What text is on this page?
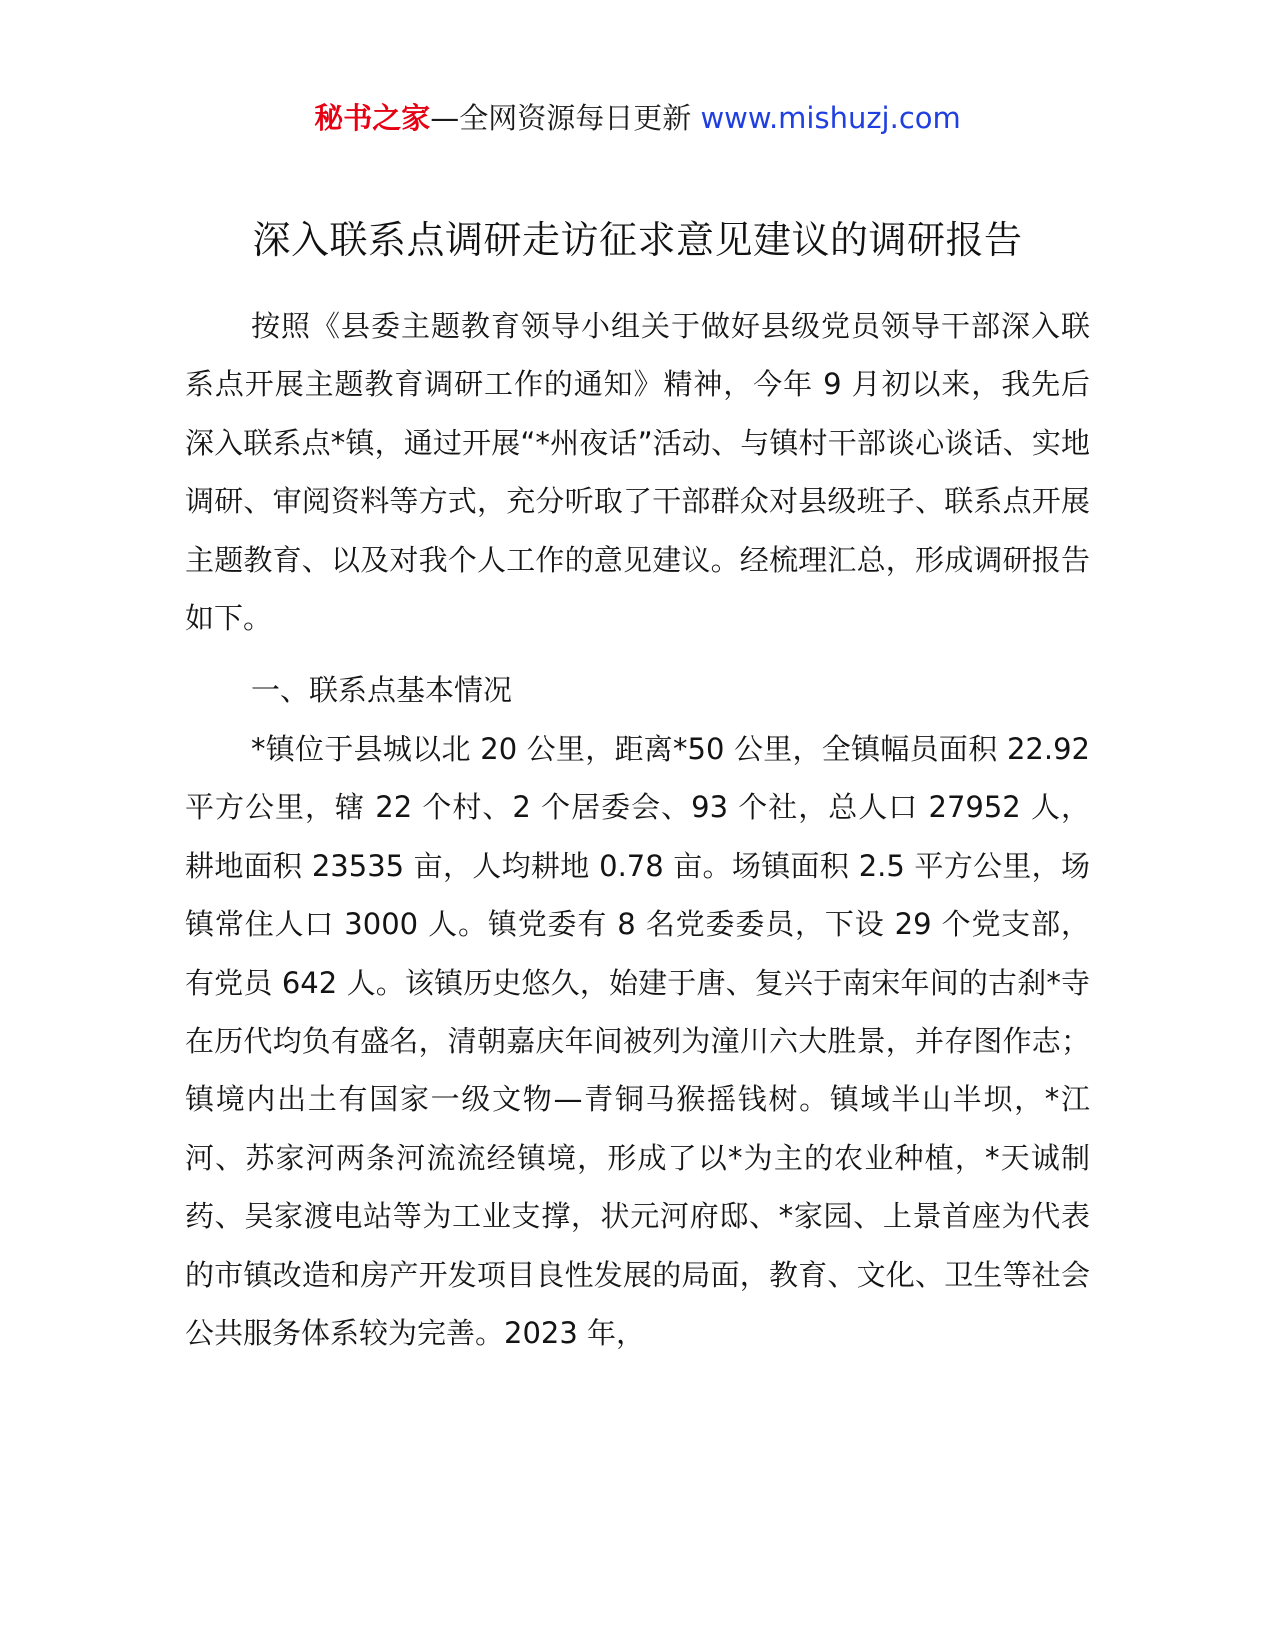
秘书之家—全网资源每日更新 www.mishuzj.com
深入联系点调研走访征求意见建议的调研报告

按照《县委主题教育领导小组关于做好县级党员领导干部深入联系点开展主题教育调研工作的通知》精神，今年 9 月初以来，我先后深入联系点*镇，通过开展“*州夜话”活动、与镇村干部谈心谈话、实地调研、审阅资料等方式，充分听取了干部群众对县级班子、联系点开展主题教育、以及对我个人工作的意见建议。经梳理汇总，形成调研报告如下。

一、联系点基本情况

*镇位于县城以北 20 公里，距离*50 公里，全镇幅员面积 22.92 平方公里，辖 22 个村、2 个居委会、93 个社，总人口 27952 人，耕地面积 23535 亩，人均耕地 0.78 亩。场镇面积 2.5 平方公里，场镇常住人口 3000 人。镇党委有 8 名党委委员，下设 29 个党支部，有党员 642 人。该镇历史悠久，始建于唐、复兴于南宋年间的古刹*寺在历代均负有盛名，清朝嘉庆年间被列为潼川六大胜景，并存图作志；镇境内出土有国家一级文物—青铜马猴摇钱树。镇域半山半坝，*江河、苏家河两条河流流经镇境，形成了以*为主的农业种植，*天诚制药、吴家渡电站等为工业支撑，状元河府邸、*家园、上景首座为代表的市镇改造和房产开发项目良性发展的局面，教育、文化、卫生等社会公共服务体系较为完善。2023 年，
